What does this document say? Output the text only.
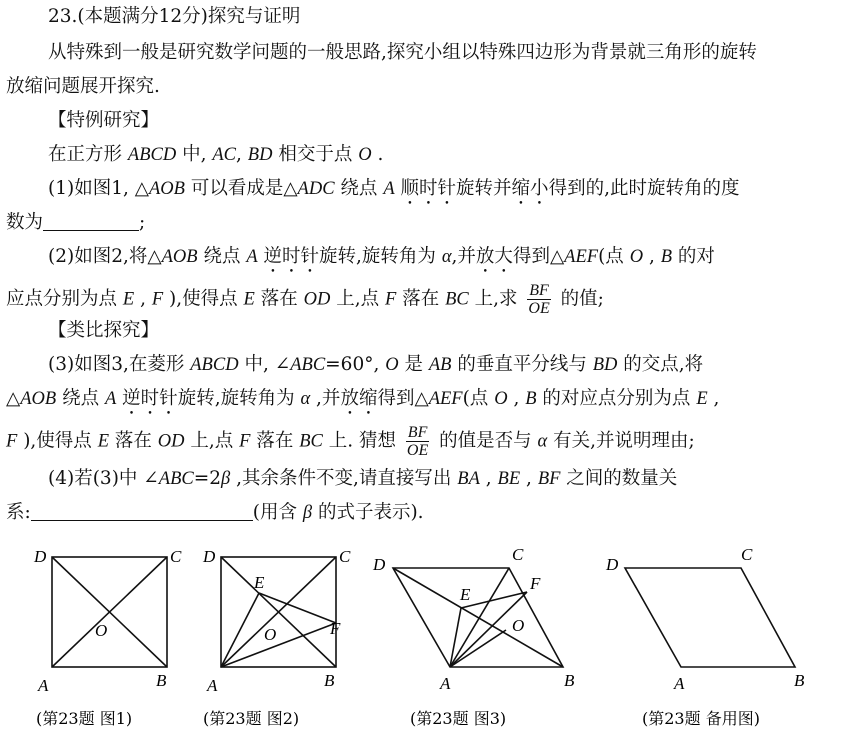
23.(本题满分12分)探究与证明
从特殊到一般是研究数学问题的一般思路,探究小组以特殊四边形为背景就三角形的旋转
放缩问题展开探究.
【特例研究】
在正方形 ABCD 中, AC, BD 相交于点 O .
(1)如图1, △AOB 可以看成是△ADC 绕点 A 顺时针旋转并缩小得到的,此时旋转角的度
数为	;
(2)如图2,将△AOB 绕点 A 逆时针旋转,旋转角为 α,并放大得到△AEF(点 O , B 的对
应点分别为点 E , F ),使得点 E 落在 OD 上,点 F 落在 BC 上,求 $\frac{BF}{OE}$ 的值;
【类比探究】
(3)如图3,在菱形 ABCD 中, ∠ABC=60°, O 是 AB 的垂直平分线与 BD 的交点,将
△AOB 绕点 A 逆时针旋转,旋转角为 α ,并放缩得到△AEF(点 O , B 的对应点分别为点 E ,
F ),使得点 E 落在 OD 上,点 F 落在 BC 上. 猜想 $\frac{BF}{OE}$ 的值是否与 α 有关,并说明理由;
(4)若(3)中 ∠ABC=2β ,其余条件不变,请直接写出 BA , BE , BF 之间的数量关
系:	(用含 β 的式子表示).
D	C
A	B
O
(第23题 图1)
D	C
A	B
O
E
F
(第23题 图2)
D
C
A	B
O
E
F
(第23题 图3)
D
C
A	B
(第23题 备用图)
